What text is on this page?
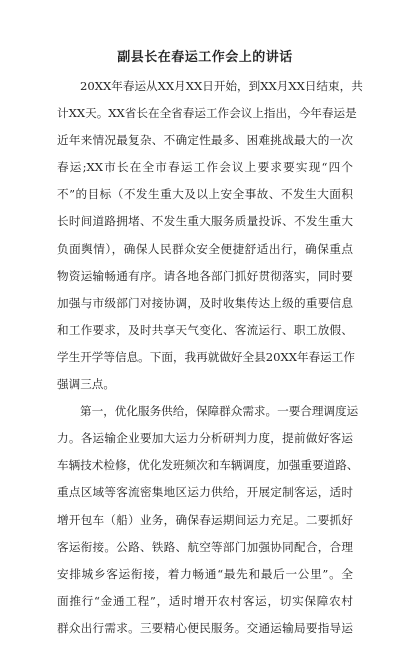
副县长在春运工作会上的讲话
20XX年春运从XX月XX日开始，到XX月XX日结束，共
计XX天。XX省长在全省春运工作会议上指出，今年春运是
近年来情况最复杂、不确定性最多、困难挑战最大的一次
春运;XX市长在全市春运工作会议上要求要实现“四个
不”的目标（不发生重大及以上安全事故、不发生大面积
长时间道路拥堵、不发生重大服务质量投诉、不发生重大
负面舆情），确保人民群众安全便捷舒适出行，确保重点
物资运输畅通有序。请各地各部门抓好贯彻落实，同时要
加强与市级部门对接协调，及时收集传达上级的重要信息
和工作要求，及时共享天气变化、客流运行、职工放假、
学生开学等信息。下面，我再就做好全县20XX年春运工作
强调三点。
第一，优化服务供给，保障群众需求。一要合理调度运
力。各运输企业要加大运力分析研判力度，提前做好客运
车辆技术检修，优化发班频次和车辆调度，加强重要道路、
重点区域等客流密集地区运力供给，开展定制客运，适时
增开包车（船）业务，确保春运期间运力充足。二要抓好
客运衔接。公路、铁路、航空等部门加强协同配合，合理
安排城乡客运衔接，着力畅通“最先和最后一公里”。全
面推行“金通工程”，适时增开农村客运，切实保障农村
群众出行需求。三要精心便民服务。交通运输局要指导运
